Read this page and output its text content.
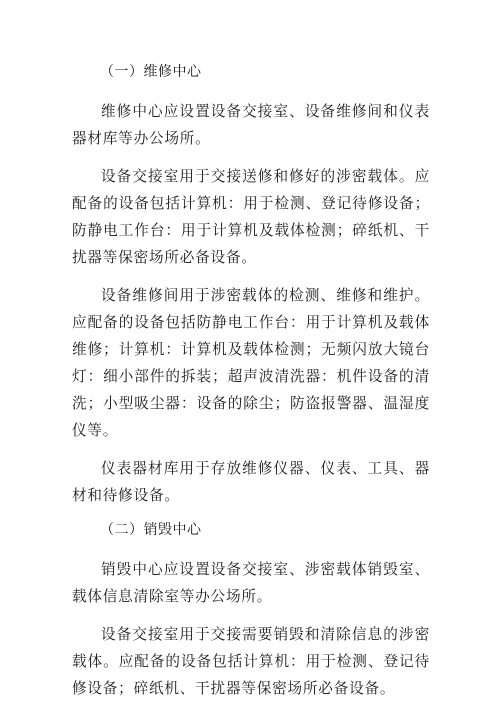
（一）维修中心

维修中心应设置设备交接室、设备维修间和仪表器材库等办公场所。

设备交接室用于交接送修和修好的涉密载体。应配备的设备包括计算机：用于检测、登记待修设备；防静电工作台：用于计算机及载体检测；碎纸机、干扰器等保密场所必备设备。

设备维修间用于涉密载体的检测、维修和维护。应配备的设备包括防静电工作台：用于计算机及载体维修；计算机：计算机及载体检测；无频闪放大镜台灯：细小部件的拆装；超声波清洗器：机件设备的清洗；小型吸尘器：设备的除尘；防盗报警器、温湿度仪等。

仪表器材库用于存放维修仪器、仪表、工具、器材和待修设备。

（二）销毁中心

销毁中心应设置设备交接室、涉密载体销毁室、载体信息清除室等办公场所。

设备交接室用于交接需要销毁和清除信息的涉密载体。应配备的设备包括计算机：用于检测、登记待修设备；碎纸机、干扰器等保密场所必备设备。
